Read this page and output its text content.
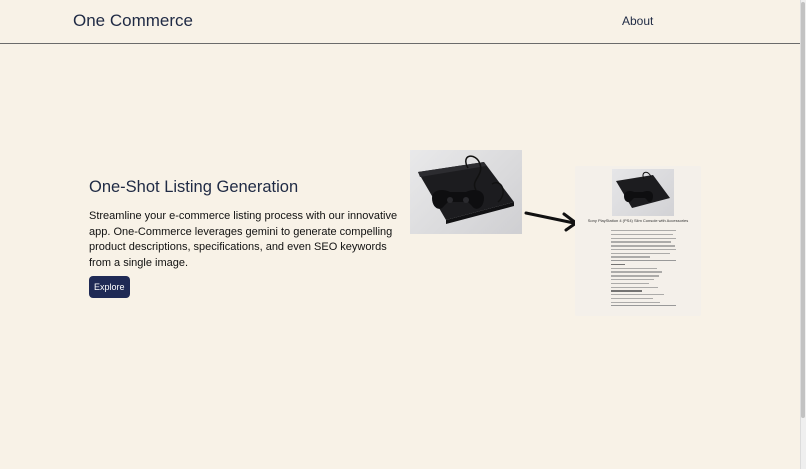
One Commerce	About
One-Shot Listing Generation

Streamline your e-commerce listing process with our innovative app. One-Commerce leverages gemini to generate compelling product descriptions, specifications, and even SEO keywords from a single image.

Explore
Sony PlayStation 4 (PS4) Slim Console with Accessories
